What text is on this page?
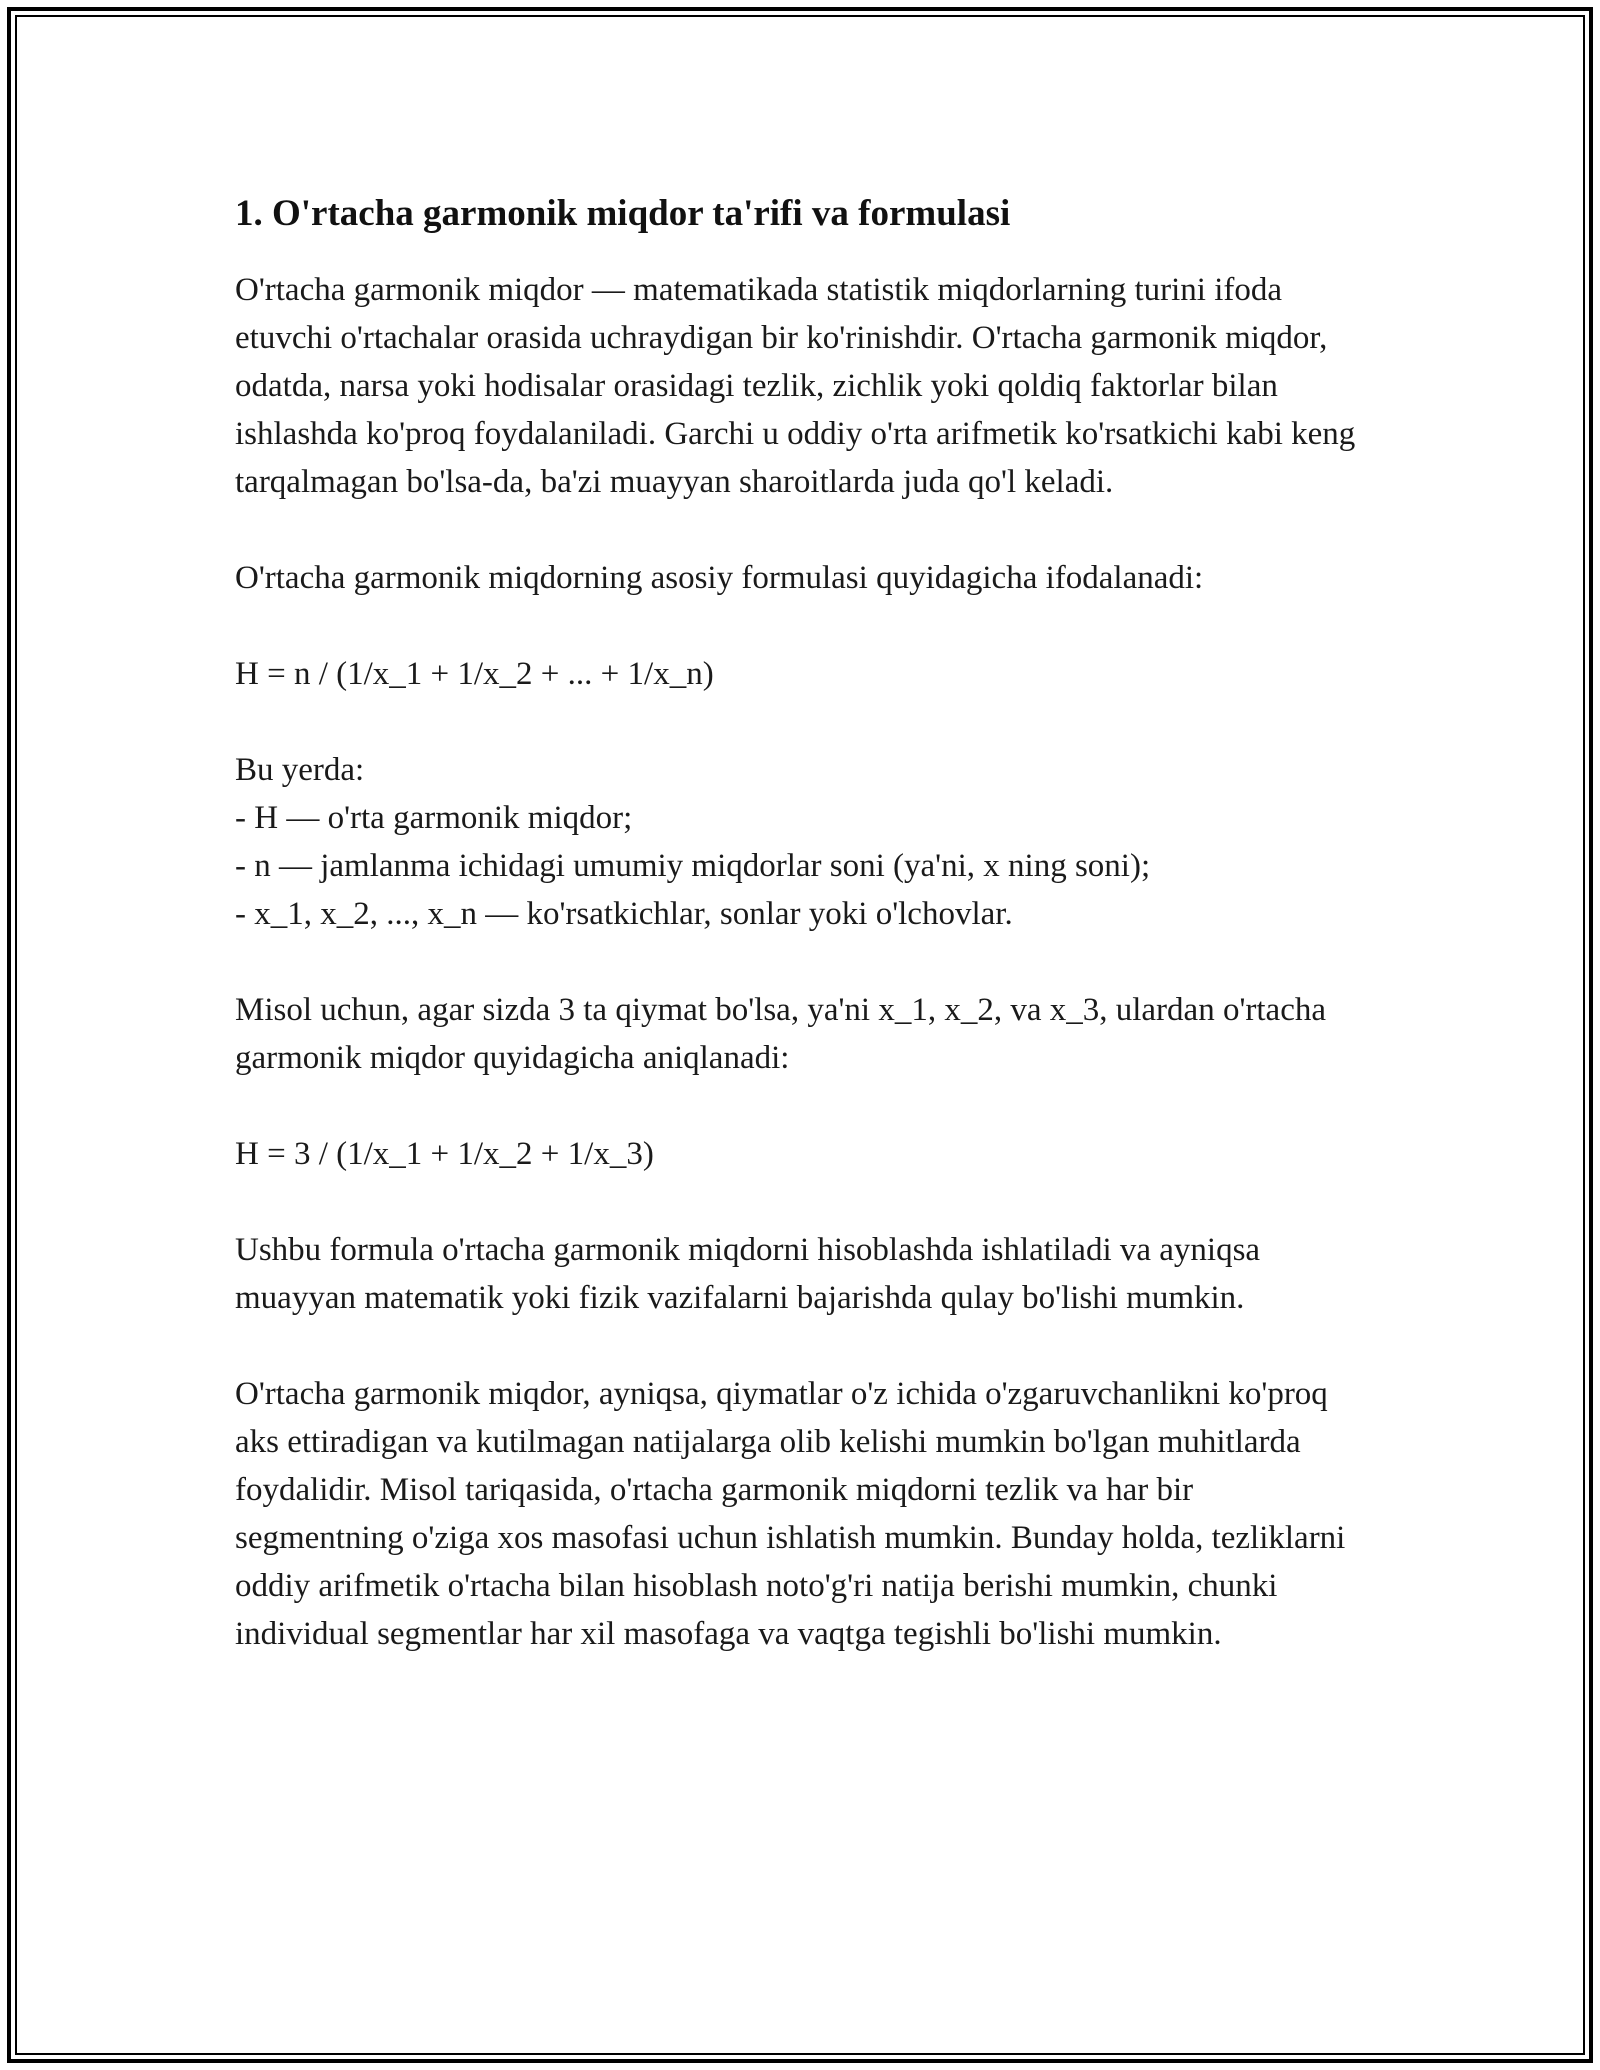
1. O'rtacha garmonik miqdor ta'rifi va formulasi

O'rtacha garmonik miqdor — matematikada statistik miqdorlarning turini ifoda etuvchi o'rtachalar orasida uchraydigan bir ko'rinishdir. O'rtacha garmonik miqdor, odatda, narsa yoki hodisalar orasidagi tezlik, zichlik yoki qoldiq faktorlar bilan ishlashda ko'proq foydalaniladi. Garchi u oddiy o'rta arifmetik ko'rsatkichi kabi keng tarqalmagan bo'lsa-da, ba'zi muayyan sharoitlarda juda qo'l keladi.

O'rtacha garmonik miqdorning asosiy formulasi quyidagicha ifodalanadi:

H = n / (1/x_1 + 1/x_2 + ... + 1/x_n)

Bu yerda:
- H — o'rta garmonik miqdor;
- n — jamlanma ichidagi umumiy miqdorlar soni (ya'ni, x ning soni);
- x_1, x_2, ..., x_n — ko'rsatkichlar, sonlar yoki o'lchovlar.

Misol uchun, agar sizda 3 ta qiymat bo'lsa, ya'ni x_1, x_2, va x_3, ulardan o'rtacha garmonik miqdor quyidagicha aniqlanadi:

H = 3 / (1/x_1 + 1/x_2 + 1/x_3)

Ushbu formula o'rtacha garmonik miqdorni hisoblashda ishlatiladi va ayniqsa muayyan matematik yoki fizik vazifalarni bajarishda qulay bo'lishi mumkin.

O'rtacha garmonik miqdor, ayniqsa, qiymatlar o'z ichida o'zgaruvchanlikni ko'proq aks ettiradigan va kutilmagan natijalarga olib kelishi mumkin bo'lgan muhitlarda foydalidir. Misol tariqasida, o'rtacha garmonik miqdorni tezlik va har bir segmentning o'ziga xos masofasi uchun ishlatish mumkin. Bunday holda, tezliklarni oddiy arifmetik o'rtacha bilan hisoblash noto'g'ri natija berishi mumkin, chunki individual segmentlar har xil masofaga va vaqtga tegishli bo'lishi mumkin.
